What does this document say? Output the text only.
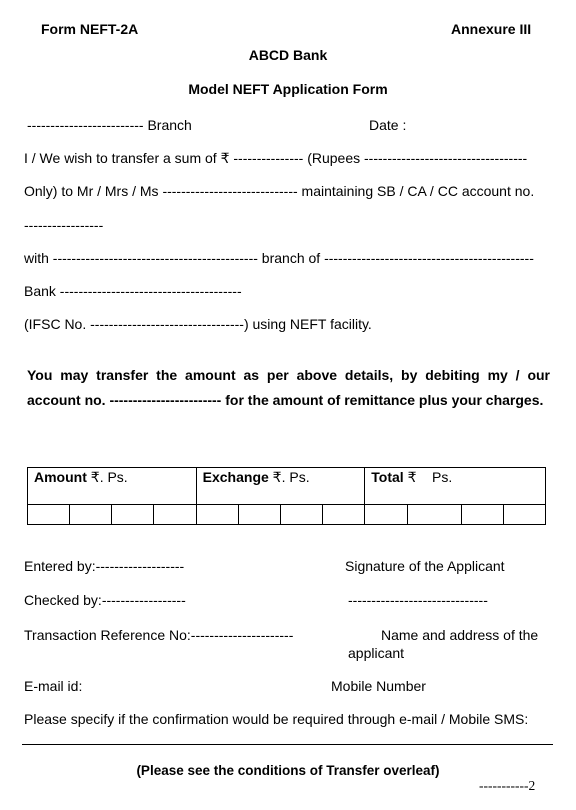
Form NEFT-2A	Annexure III
ABCD Bank
Model NEFT Application Form
------------------------- Branch	Date :
I / We wish to transfer a sum of ₹ --------------- (Rupees -----------------------------------
Only) to Mr / Mrs / Ms ----------------------------- maintaining SB / CA / CC account no.
-----------------
with -------------------------------------------- branch of ---------------------------------------------
Bank ---------------------------------------
(IFSC No. ---------------------------------) using NEFT facility.
You may transfer the amount as per above details, by debiting my / our account no. ------------------------ for the amount of remittance plus your charges.
Amount ₹. Ps.				Exchange ₹. Ps.				Total ₹    Ps.			

Entered by:-------------------	Signature of the Applicant
Checked by:------------------	------------------------------
Transaction Reference No:----------------------	Name and address of the
applicant
E-mail id:	Mobile Number
Please specify if the confirmation would be required through e-mail / Mobile SMS:
(Please see the conditions of Transfer overleaf)
-----------2
